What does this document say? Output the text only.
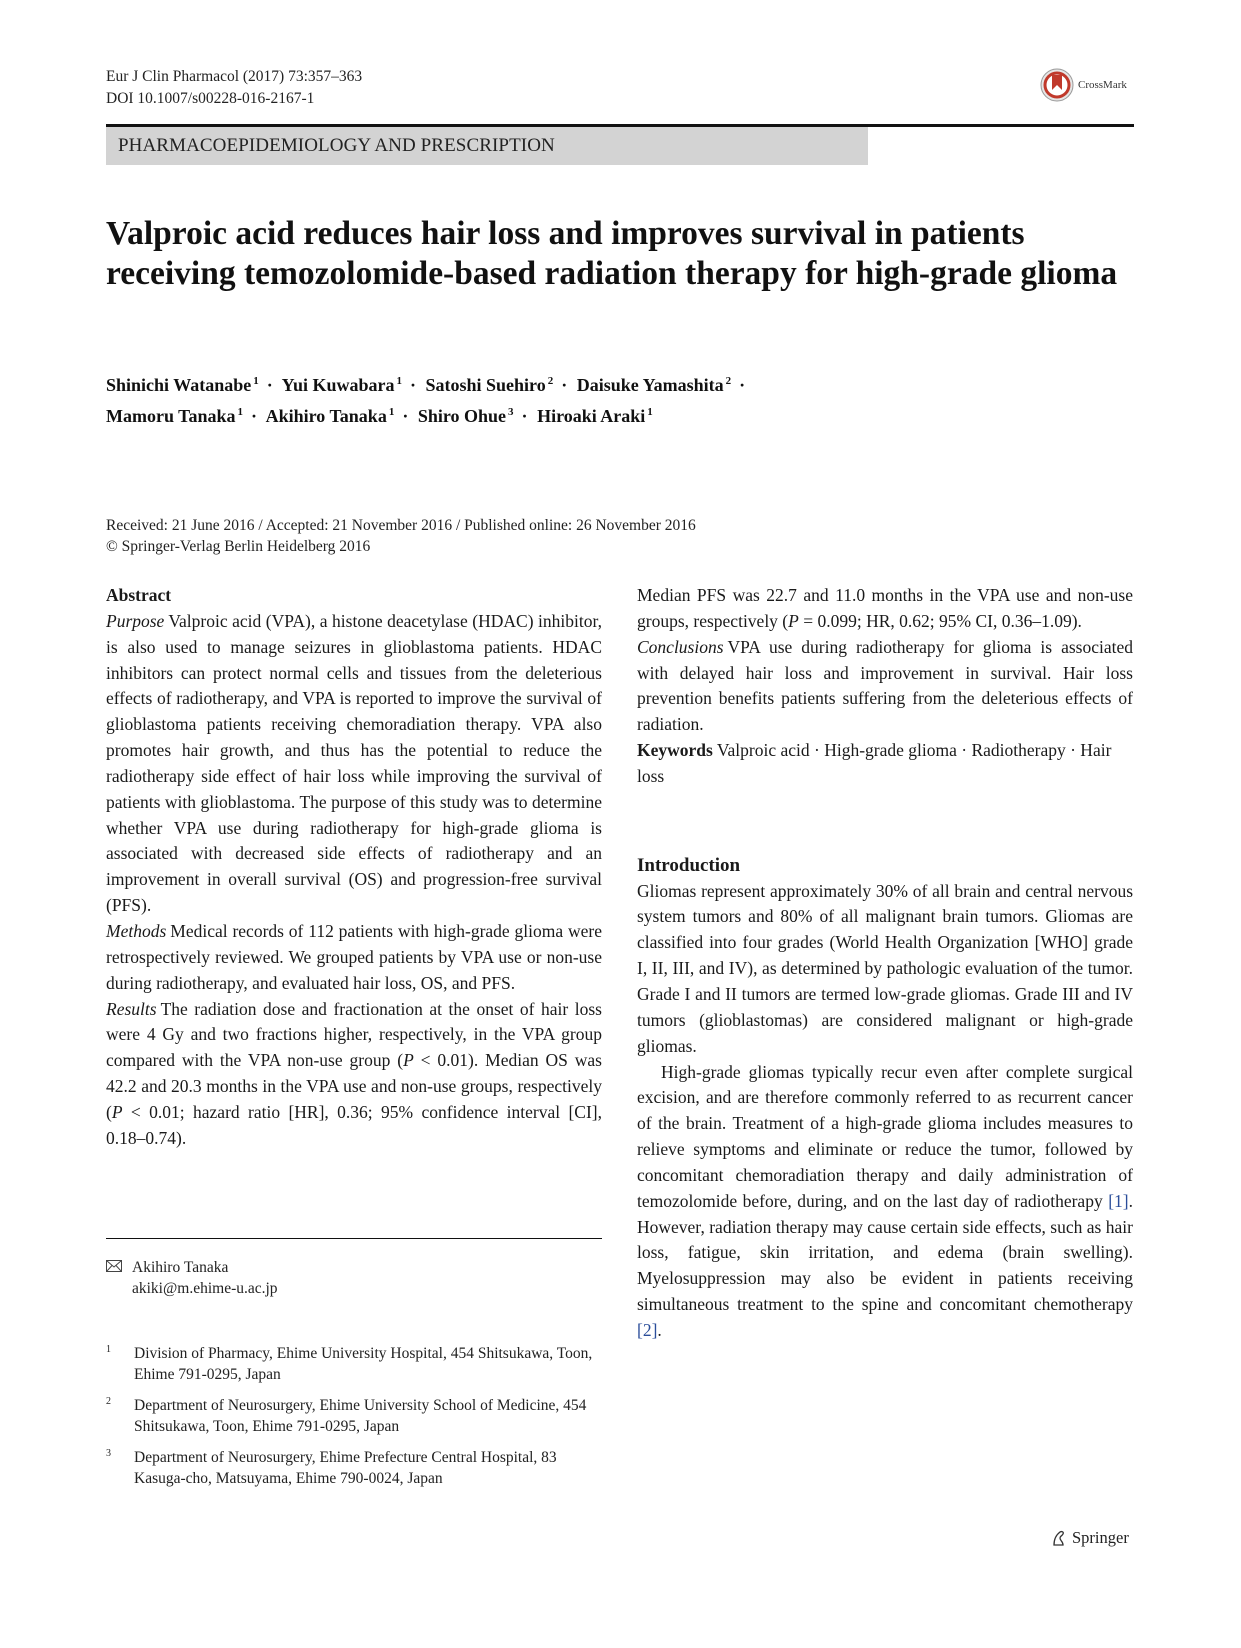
Eur J Clin Pharmacol (2017) 73:357–363
DOI 10.1007/s00228-016-2167-1
CrossMark
PHARMACOEPIDEMIOLOGY AND PRESCRIPTION
Valproic acid reduces hair loss and improves survival in patients receiving temozolomide-based radiation therapy for high-grade glioma
Shinichi Watanabe $^1$ · Yui Kuwabara $^1$ · Satoshi Suehiro $^2$ · Daisuke Yamashita $^2$ ·
Mamoru Tanaka $^1$ · Akihiro Tanaka $^1$ · Shiro Ohue $^3$ · Hiroaki Araki $^1$
Received: 21 June 2016 / Accepted: 21 November 2016 / Published online: 26 November 2016
© Springer-Verlag Berlin Heidelberg 2016

Abstract

Purpose Valproic acid (VPA), a histone deacetylase (HDAC) inhibitor, is also used to manage seizures in glioblastoma patients. HDAC inhibitors can protect normal cells and tissues from the deleterious effects of radiotherapy, and VPA is reported to improve the survival of glioblastoma patients receiving chemoradiation therapy. VPA also promotes hair growth, and thus has the potential to reduce the radiotherapy side effect of hair loss while improving the survival of patients with glioblastoma. The purpose of this study was to determine whether VPA use during radiotherapy for high-grade glioma is associated with decreased side effects of radiotherapy and an improvement in overall survival (OS) and progression-free survival (PFS).

Methods Medical records of 112 patients with high-grade glioma were retrospectively reviewed. We grouped patients by VPA use or non-use during radiotherapy, and evaluated hair loss, OS, and PFS.

Results The radiation dose and fractionation at the onset of hair loss were 4 Gy and two fractions higher, respectively, in the VPA group compared with the VPA non-use group (P < 0.01). Median OS was 42.2 and 20.3 months in the VPA use and non-use groups, respectively (P < 0.01; hazard ratio [HR], 0.36; 95% confidence interval [CI], 0.18–0.74).

Akihiro Tanaka
akiki@m.ehime-u.ac.jp
1	Division of Pharmacy, Ehime University Hospital, 454 Shitsukawa, Toon, Ehime 791-0295, Japan
2	Department of Neurosurgery, Ehime University School of Medicine, 454 Shitsukawa, Toon, Ehime 791-0295, Japan
3	Department of Neurosurgery, Ehime Prefecture Central Hospital, 83 Kasuga-cho, Matsuyama, Ehime 790-0024, Japan

Median PFS was 22.7 and 11.0 months in the VPA use and non-use groups, respectively (P = 0.099; HR, 0.62; 95% CI, 0.36–1.09).

Conclusions VPA use during radiotherapy for glioma is associated with delayed hair loss and improvement in survival. Hair loss prevention benefits patients suffering from the deleterious effects of radiation.

Keywords Valproic acid · High-grade glioma · Radiotherapy · Hair loss

Introduction

Gliomas represent approximately 30% of all brain and central nervous system tumors and 80% of all malignant brain tumors. Gliomas are classified into four grades (World Health Organization [WHO] grade I, II, III, and IV), as determined by pathologic evaluation of the tumor. Grade I and II tumors are termed low-grade gliomas. Grade III and IV tumors (glioblastomas) are considered malignant or high-grade gliomas.

High-grade gliomas typically recur even after complete surgical excision, and are therefore commonly referred to as recurrent cancer of the brain. Treatment of a high-grade glioma includes measures to relieve symptoms and eliminate or reduce the tumor, followed by concomitant chemoradiation therapy and daily administration of temozolomide before, during, and on the last day of radiotherapy [1]. However, radiation therapy may cause certain side effects, such as hair loss, fatigue, skin irritation, and edema (brain swelling). Myelosuppression may also be evident in patients receiving simultaneous treatment to the spine and concomitant chemotherapy [2].

Springer
